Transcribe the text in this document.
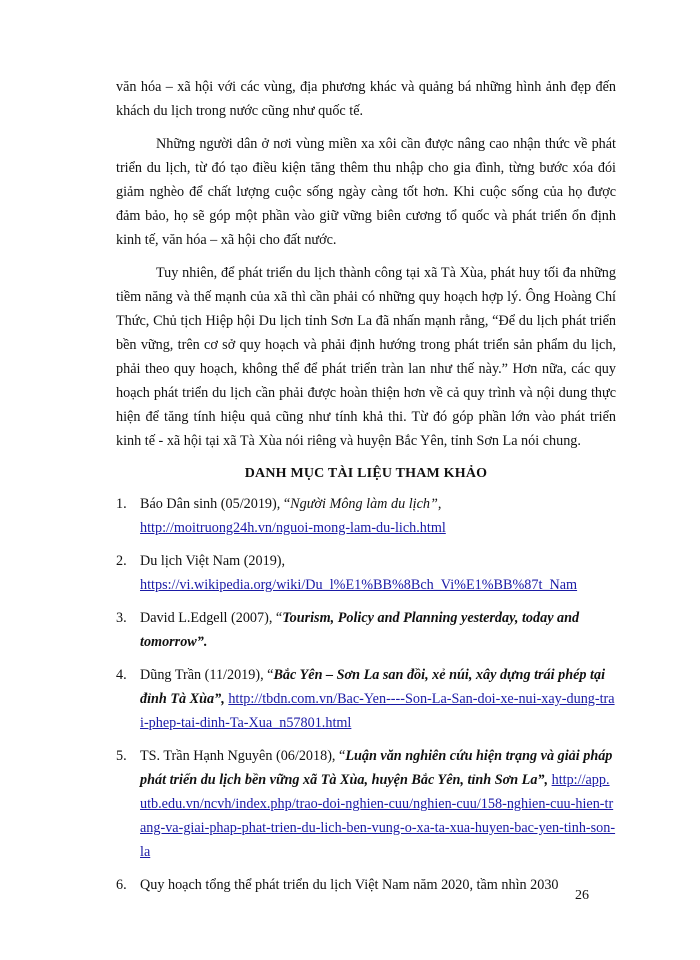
văn hóa – xã hội với các vùng, địa phương khác và quảng bá những hình ảnh đẹp đến khách du lịch trong nước cũng như quốc tế.

Những người dân ở nơi vùng miền xa xôi cần được nâng cao nhận thức về phát triển du lịch, từ đó tạo điều kiện tăng thêm thu nhập cho gia đình, từng bước xóa đói giảm nghèo để chất lượng cuộc sống ngày càng tốt hơn. Khi cuộc sống của họ được đảm bảo, họ sẽ góp một phần vào giữ vững biên cương tổ quốc và phát triển ổn định kinh tế, văn hóa – xã hội cho đất nước.

Tuy nhiên, để phát triển du lịch thành công tại xã Tà Xùa, phát huy tối đa những tiềm năng và thế mạnh của xã thì cần phải có những quy hoạch hợp lý. Ông Hoàng Chí Thức, Chủ tịch Hiệp hội Du lịch tỉnh Sơn La đã nhấn mạnh rằng, “Để du lịch phát triển bền vững, trên cơ sở quy hoạch và phải định hướng trong phát triển sản phẩm du lịch, phải theo quy hoạch, không thể để phát triển tràn lan như thế này.” Hơn nữa, các quy hoạch phát triển du lịch cần phải được hoàn thiện hơn về cả quy trình và nội dung thực hiện để tăng tính hiệu quả cũng như tính khả thi. Từ đó góp phần lớn vào phát triển kinh tế - xã hội tại xã Tà Xùa nói riêng và huyện Bắc Yên, tỉnh Sơn La nói chung.

DANH MỤC TÀI LIỆU THAM KHẢO
1. Báo Dân sinh (05/2019), “Người Mông làm du lịch”,
http://moitruong24h.vn/nguoi-mong-lam-du-lich.html
2. Du lịch Việt Nam (2019),
https://vi.wikipedia.org/wiki/Du_l%E1%BB%8Bch_Vi%E1%BB%87t_Nam
3. David L.Edgell (2007), “Tourism, Policy and Planning yesterday, today and tomorrow”.
4. Dũng Trần (11/2019), “Bắc Yên – Sơn La san đồi, xẻ núi, xây dựng trái phép tại đỉnh Tà Xùa”, http://tbdn.com.vn/Bac-Yen----Son-La-San-doi-xe-nui-xay-dung-trai-phep-tai-dinh-Ta-Xua_n57801.html
5. TS. Trần Hạnh Nguyên (06/2018), “Luận văn nghiên cứu hiện trạng và giải pháp phát triển du lịch bền vững xã Tà Xùa, huyện Bắc Yên, tỉnh Sơn La”, http://app.utb.edu.vn/ncvh/index.php/trao-doi-nghien-cuu/nghien-cuu/158-nghien-cuu-hien-trang-va-giai-phap-phat-trien-du-lich-ben-vung-o-xa-ta-xua-huyen-bac-yen-tinh-son-la
6. Quy hoạch tổng thể phát triển du lịch Việt Nam năm 2020, tầm nhìn 2030
26
